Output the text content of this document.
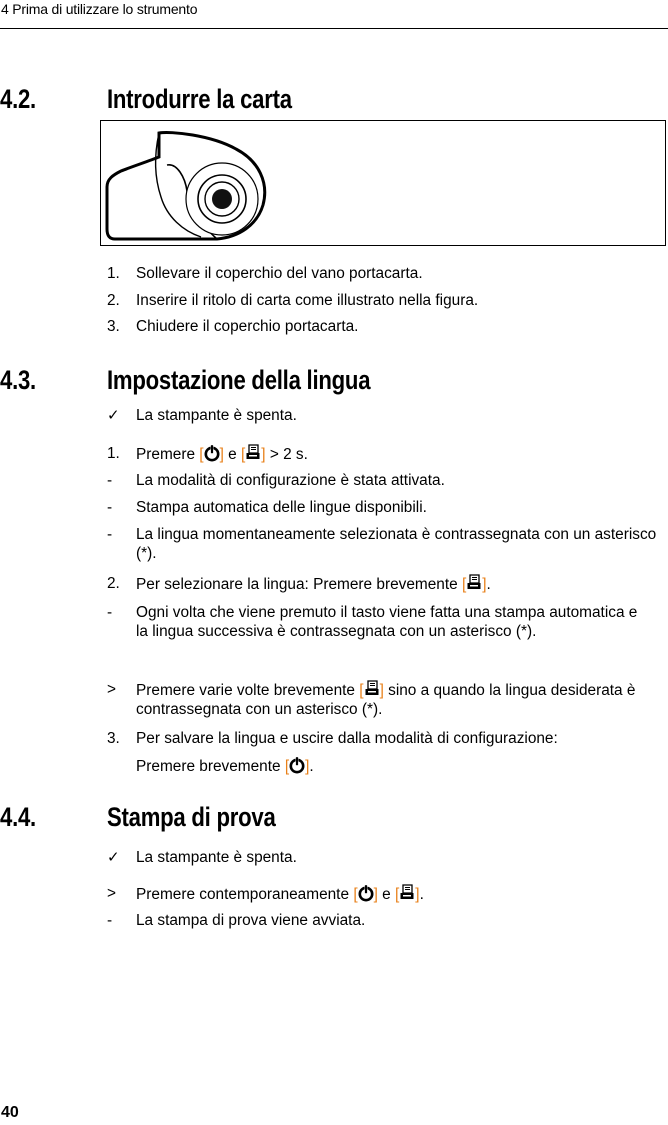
4 Prima di utilizzare lo strumento
4.2.	Introdurre la carta
1. Sollevare il coperchio del vano portacarta.
2. Inserire il ritolo di carta come illustrato nella figura.
3. Chiudere il coperchio portacarta.
4.3.	Impostazione della lingua
✓ La stampante è spenta.
1. Premere [ ] e [ ] > 2 s.
- La modalità di configurazione è stata attivata.
- Stampa automatica delle lingue disponibili.
- La lingua momentaneamente selezionata è contrassegnata con un asterisco (*).
2. Per selezionare la lingua: Premere brevemente [ ].
- Ogni volta che viene premuto il tasto viene fatta una stampa automatica e la lingua successiva è contrassegnata con un asterisco (*).
> Premere varie volte brevemente [ ] sino a quando la lingua desiderata è contrassegnata con un asterisco (*).
3. Per salvare la lingua e uscire dalla modalità di configurazione:
Premere brevemente [ ].
4.4.	Stampa di prova
✓ La stampante è spenta.
> Premere contemporaneamente [ ] e [ ].
- La stampa di prova viene avviata.
40
